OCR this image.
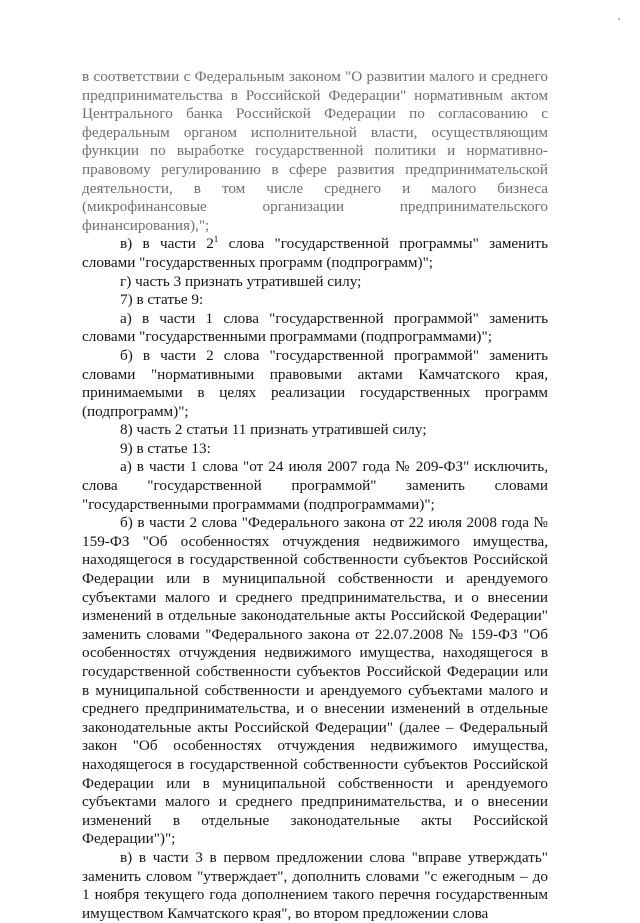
в соответствии с Федеральным законом "О развитии малого и среднего предпринимательства в Российской Федерации" нормативным актом Центрального банка Российской Федерации по согласованию с федеральным органом исполнительной власти, осуществляющим функции по выработке государственной политики и нормативно-правовому регулированию в сфере развития предпринимательской деятельности, в том числе среднего и малого бизнеса (микрофинансовые организации предпринимательского финансирования),";

в) в части $2^1$ слова "государственной программы" заменить словами "государственных программ (подпрограмм)";

г) часть 3 признать утратившей силу;

7) в статье 9:

а) в части 1 слова "государственной программой" заменить словами "государственными программами (подпрограммами)";

б) в части 2 слова "государственной программой" заменить словами "нормативными правовыми актами Камчатского края, принимаемыми в целях реализации государственных программ (подпрограмм)";

8) часть 2 статьи 11 признать утратившей силу;

9) в статье 13:

а) в части 1 слова "от 24 июля 2007 года № 209-ФЗ" исключить, слова "государственной программой" заменить словами "государственными программами (подпрограммами)";

б) в части 2 слова "Федерального закона от 22 июля 2008 года № 159-ФЗ "Об особенностях отчуждения недвижимого имущества, находящегося в государственной собственности субъектов Российской Федерации или в муниципальной собственности и арендуемого субъектами малого и среднего предпринимательства, и о внесении изменений в отдельные законодательные акты Российской Федерации" заменить словами "Федерального закона от 22.07.2008 № 159-ФЗ "Об особенностях отчуждения недвижимого имущества, находящегося в государственной собственности субъектов Российской Федерации или в муниципальной собственности и арендуемого субъектами малого и среднего предпринимательства, и о внесении изменений в отдельные законодательные акты Российской Федерации" (далее – Федеральный закон "Об особенностях отчуждения недвижимого имущества, находящегося в государственной собственности субъектов Российской Федерации или в муниципальной собственности и арендуемого субъектами малого и среднего предпринимательства, и о внесении изменений в отдельные законодательные акты Российской Федерации")";

в) в части 3 в первом предложении слова "вправе утверждать" заменить словом "утверждает", дополнить словами "с ежегодным – до 1 ноября текущего года дополнением такого перечня государственным имуществом Камчатского края", во втором предложении слова
